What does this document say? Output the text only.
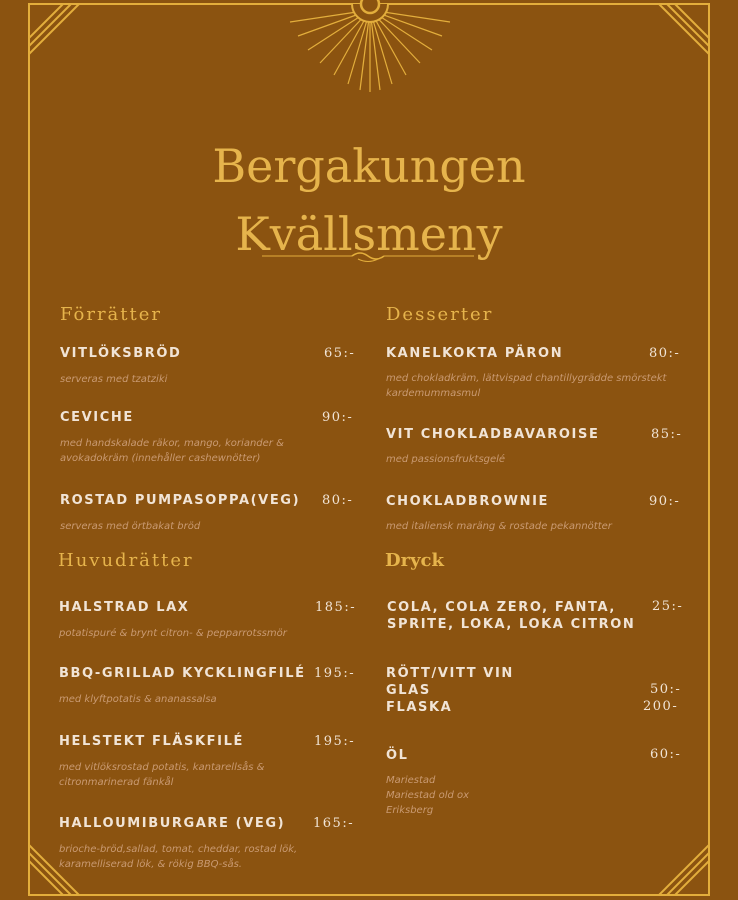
Bergakungen
Kvällsmeny
Förrätter
VITLÖKSBRÖD	65:-
serveras med tzatziki
CEVICHE	90:-
med handskalade räkor, mango, koriander &
avokadokräm (innehåller cashewnötter)
ROSTAD PUMPASOPPA(VEG) 80:-
serveras med örtbakat bröd
Huvudrätter
HALSTRAD LAX	185:-
potatispuré & brynt citron- & pepparrotssmör
BBQ-GRILLAD KYCKLINGFILÉ 195:-
med klyftpotatis & ananassalsa
HELSTEKT FLÄSKFILÉ	195:-
med vitlöksrostad potatis, kantarellsås &
citronmarinerad fänkål
HALLOUMIBURGARE (VEG) 165:-
brioche-bröd,sallad, tomat, cheddar, rostad lök,
karamelliserad lök, & rökig BBQ-sås.
Desserter
KANELKOKTA PÄRON	80:-
med chokladkräm, lättvispad chantillygrädde smörstekt
kardemummasmul
VIT CHOKLADBAVAROISE	85:-
med passionsfruktsgelé
CHOKLADBROWNIE	90:-
med italiensk maräng & rostade pekannötter
Dryck
COLA, COLA ZERO, FANTA,
SPRITE, LOKA, LOKA CITRON
25:-
RÖTT/VITT VIN
GLAS	50:-
FLASKA	200-
ÖL	60:-
Mariestad
Mariestad old ox
Eriksberg
